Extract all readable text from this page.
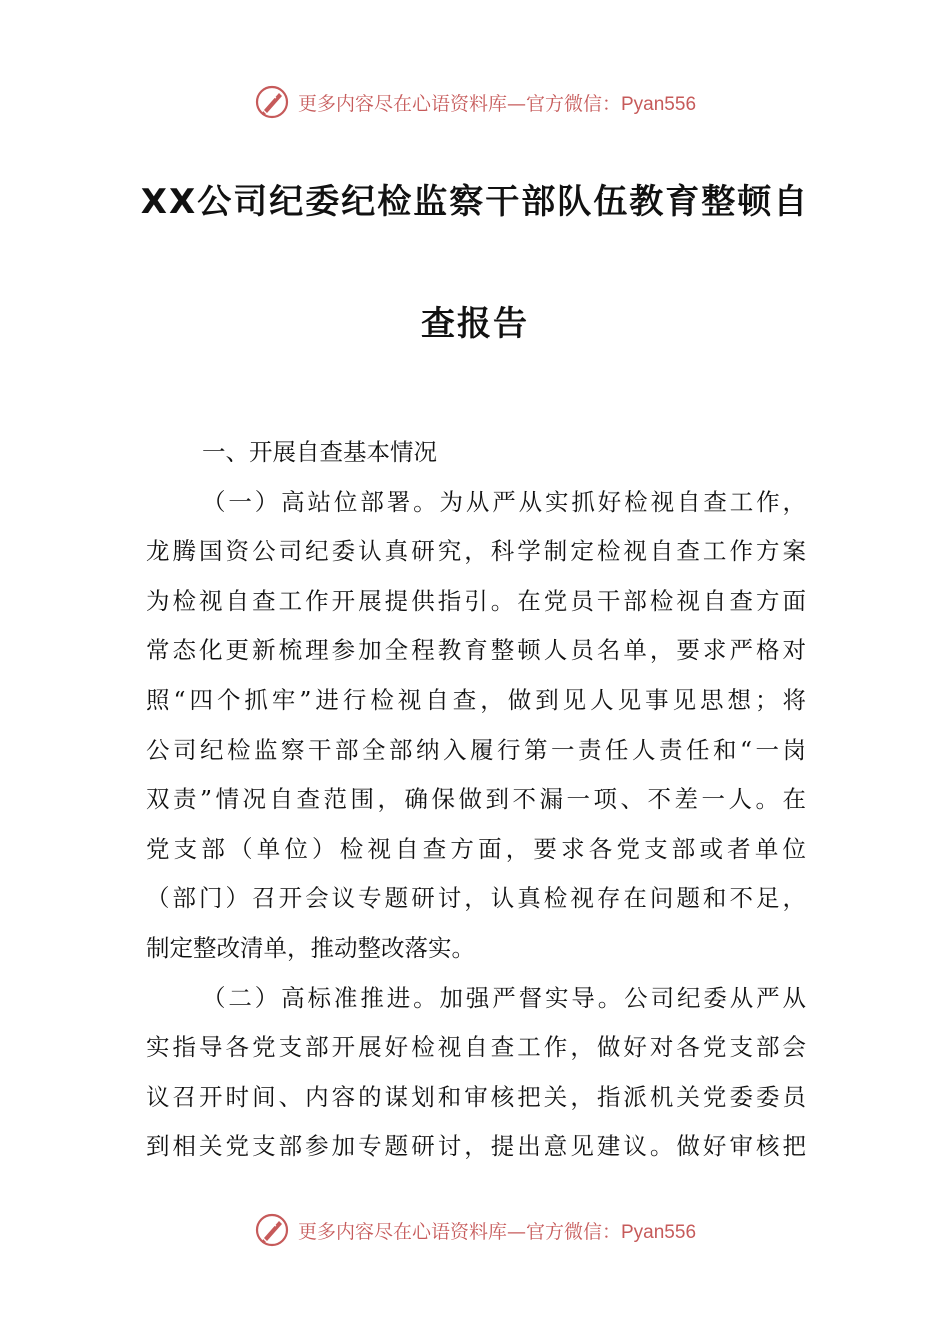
更多内容尽在心语资料库—官方微信：Pyan556
XX公司纪委纪检监察干部队伍教育整顿自
查报告
一、开展自查基本情况
（一）高站位部署。为从严从实抓好检视自查工作，
龙腾国资公司纪委认真研究，科学制定检视自查工作方案
为检视自查工作开展提供指引。在党员干部检视自查方面
常态化更新梳理参加全程教育整顿人员名单，要求严格对
照“四个抓牢”进行检视自查，做到见人见事见思想；将
公司纪检监察干部全部纳入履行第一责任人责任和“一岗
双责”情况自查范围，确保做到不漏一项、不差一人。在
党支部（单位）检视自查方面，要求各党支部或者单位
（部门）召开会议专题研讨，认真检视存在问题和不足，
制定整改清单，推动整改落实。
（二）高标准推进。加强严督实导。公司纪委从严从
实指导各党支部开展好检视自查工作，做好对各党支部会
议召开时间、内容的谋划和审核把关，指派机关党委委员
到相关党支部参加专题研讨，提出意见建议。做好审核把
更多内容尽在心语资料库—官方微信：Pyan556
